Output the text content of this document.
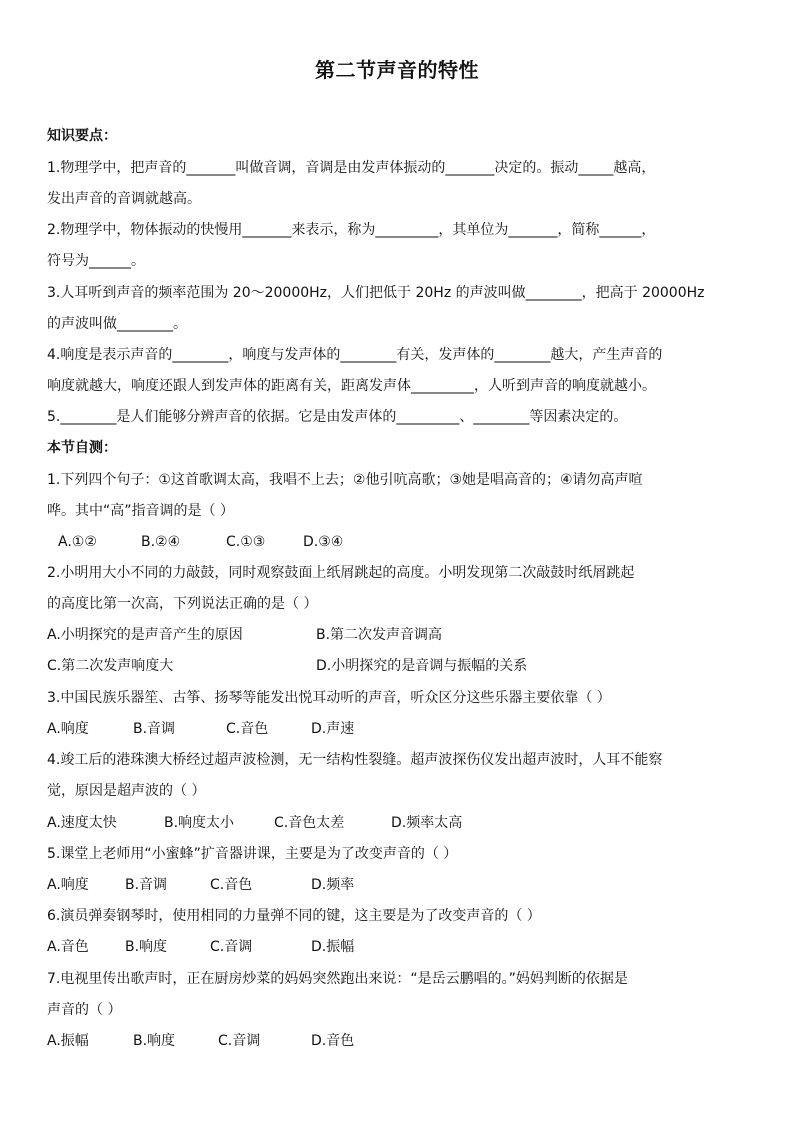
第二节声音的特性
知识要点：
1.物理学中，把声音的_______叫做音调，音调是由发声体振动的_______决定的。振动_____越高，
发出声音的音调就越高。
2.物理学中，物体振动的快慢用_______来表示，称为_________，其单位为_______，简称______，
符号为______。
3.人耳听到声音的频率范围为 20～20000Hz，人们把低于 20Hz 的声波叫做________，把高于 20000Hz
的声波叫做________。
4.响度是表示声音的________，响度与发声体的________有关，发声体的________越大，产生声音的
响度就越大，响度还跟人到发声体的距离有关，距离发声体_________，人听到声音的响度就越小。
5.________是人们能够分辨声音的依据。它是由发声体的_________、________等因素决定的。
本节自测：
1.下列四个句子：①这首歌调太高，我唱不上去；②他引吭高歌；③她是唱高音的；④请勿高声喧
哗。其中“高”指音调的是（ ）
A.①②	B.②④	C.①③	D.③④
2.小明用大小不同的力敲鼓，同时观察鼓面上纸屑跳起的高度。小明发现第二次敲鼓时纸屑跳起
的高度比第一次高，下列说法正确的是（ ）
A.小明探究的是声音产生的原因	B.第二次发声音调高
C.第二次发声响度大	D.小明探究的是音调与振幅的关系
3.中国民族乐器笙、古筝、扬琴等能发出悦耳动听的声音，听众区分这些乐器主要依靠（ ）
A.响度	B.音调	C.音色	D.声速
4.竣工后的港珠澳大桥经过超声波检测，无一结构性裂缝。超声波探伤仪发出超声波时，人耳不能察
觉，原因是超声波的（ ）
A.速度太快	B.响度太小	C.音色太差	D.频率太高
5.课堂上老师用“小蜜蜂”扩音器讲课，主要是为了改变声音的（ ）
A.响度	B.音调	C.音色	D.频率
6.演员弹奏钢琴时，使用相同的力量弹不同的键，这主要是为了改变声音的（ ）
A.音色	B.响度	C.音调	D.振幅
7.电视里传出歌声时，正在厨房炒菜的妈妈突然跑出来说：“是岳云鹏唱的。”妈妈判断的依据是
声音的（ ）
A.振幅	B.响度	C.音调	D.音色
